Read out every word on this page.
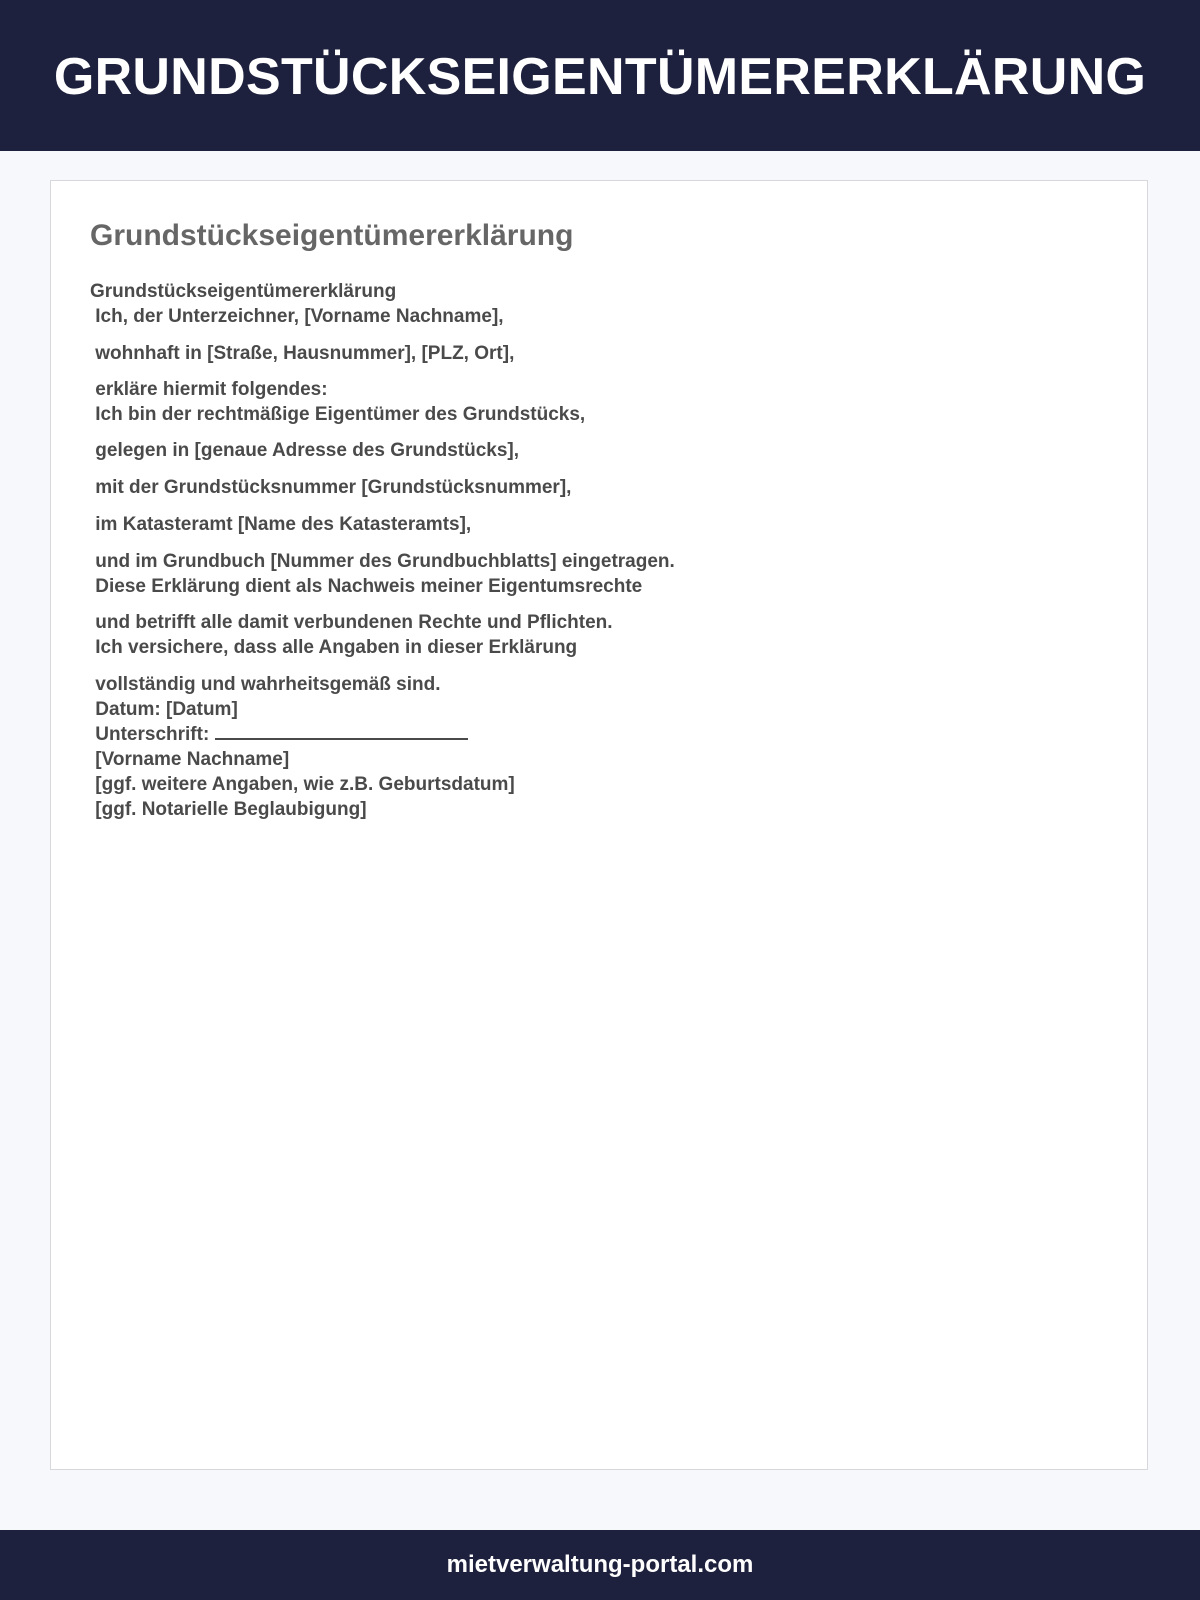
GRUNDSTÜCKSEIGENTÜMERERKLÄRUNG
Grundstückseigentümererklärung
Grundstückseigentümererklärung
Ich, der Unterzeichner, [Vorname Nachname],
wohnhaft in [Straße, Hausnummer], [PLZ, Ort],
erkläre hiermit folgendes:
Ich bin der rechtmäßige Eigentümer des Grundstücks,
gelegen in [genaue Adresse des Grundstücks],
mit der Grundstücksnummer [Grundstücksnummer],
im Katasteramt [Name des Katasteramts],
und im Grundbuch [Nummer des Grundbuchblatts] eingetragen.
Diese Erklärung dient als Nachweis meiner Eigentumsrechte
und betrifft alle damit verbundenen Rechte und Pflichten.
Ich versichere, dass alle Angaben in dieser Erklärung
vollständig und wahrheitsgemäß sind.
Datum: [Datum]
Unterschrift:
[Vorname Nachname]
[ggf. weitere Angaben, wie z.B. Geburtsdatum]
[ggf. Notarielle Beglaubigung]
mietverwaltung-portal.com
